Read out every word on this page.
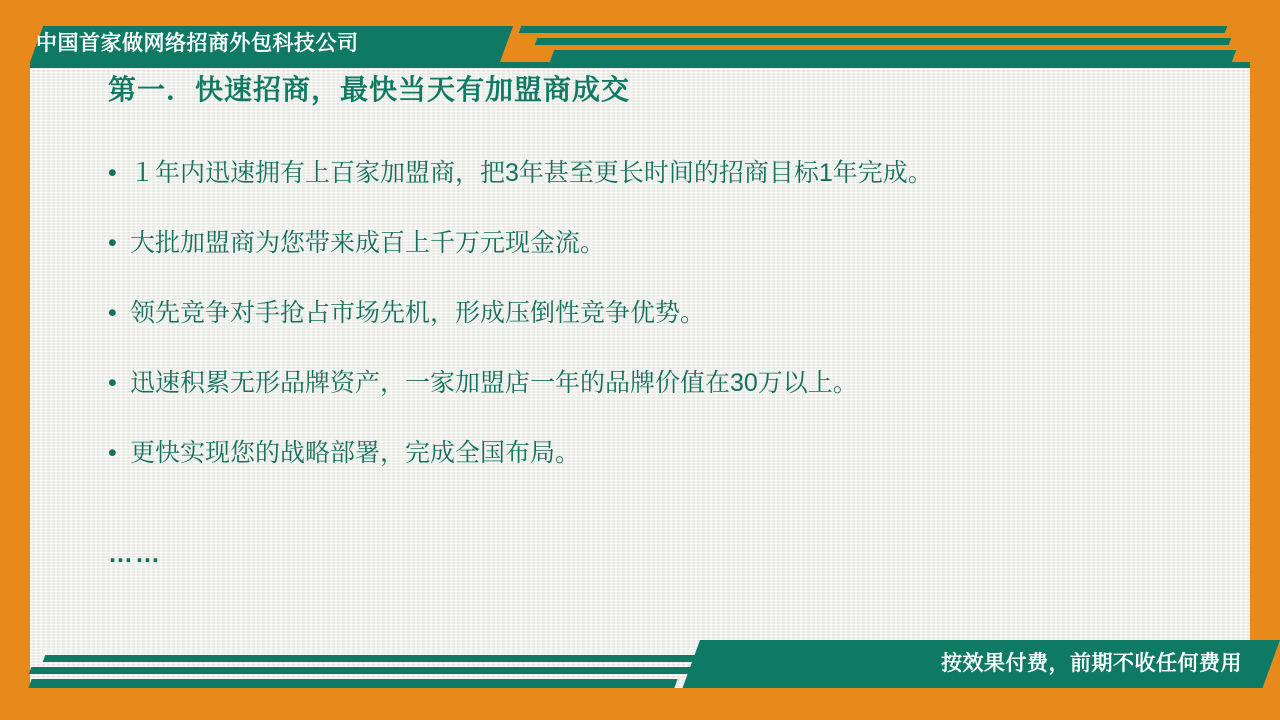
中国首家做网络招商外包科技公司
第一．快速招商，最快当天有加盟商成交
• １年内迅速拥有上百家加盟商，把3年甚至更长时间的招商目标1年完成。
• 大批加盟商为您带来成百上千万元现金流。
• 领先竞争对手抢占市场先机，形成压倒性竞争优势。
• 迅速积累无形品牌资产，一家加盟店一年的品牌价值在30万以上。
• 更快实现您的战略部署，完成全国布局。
……
按效果付费，前期不收任何费用
